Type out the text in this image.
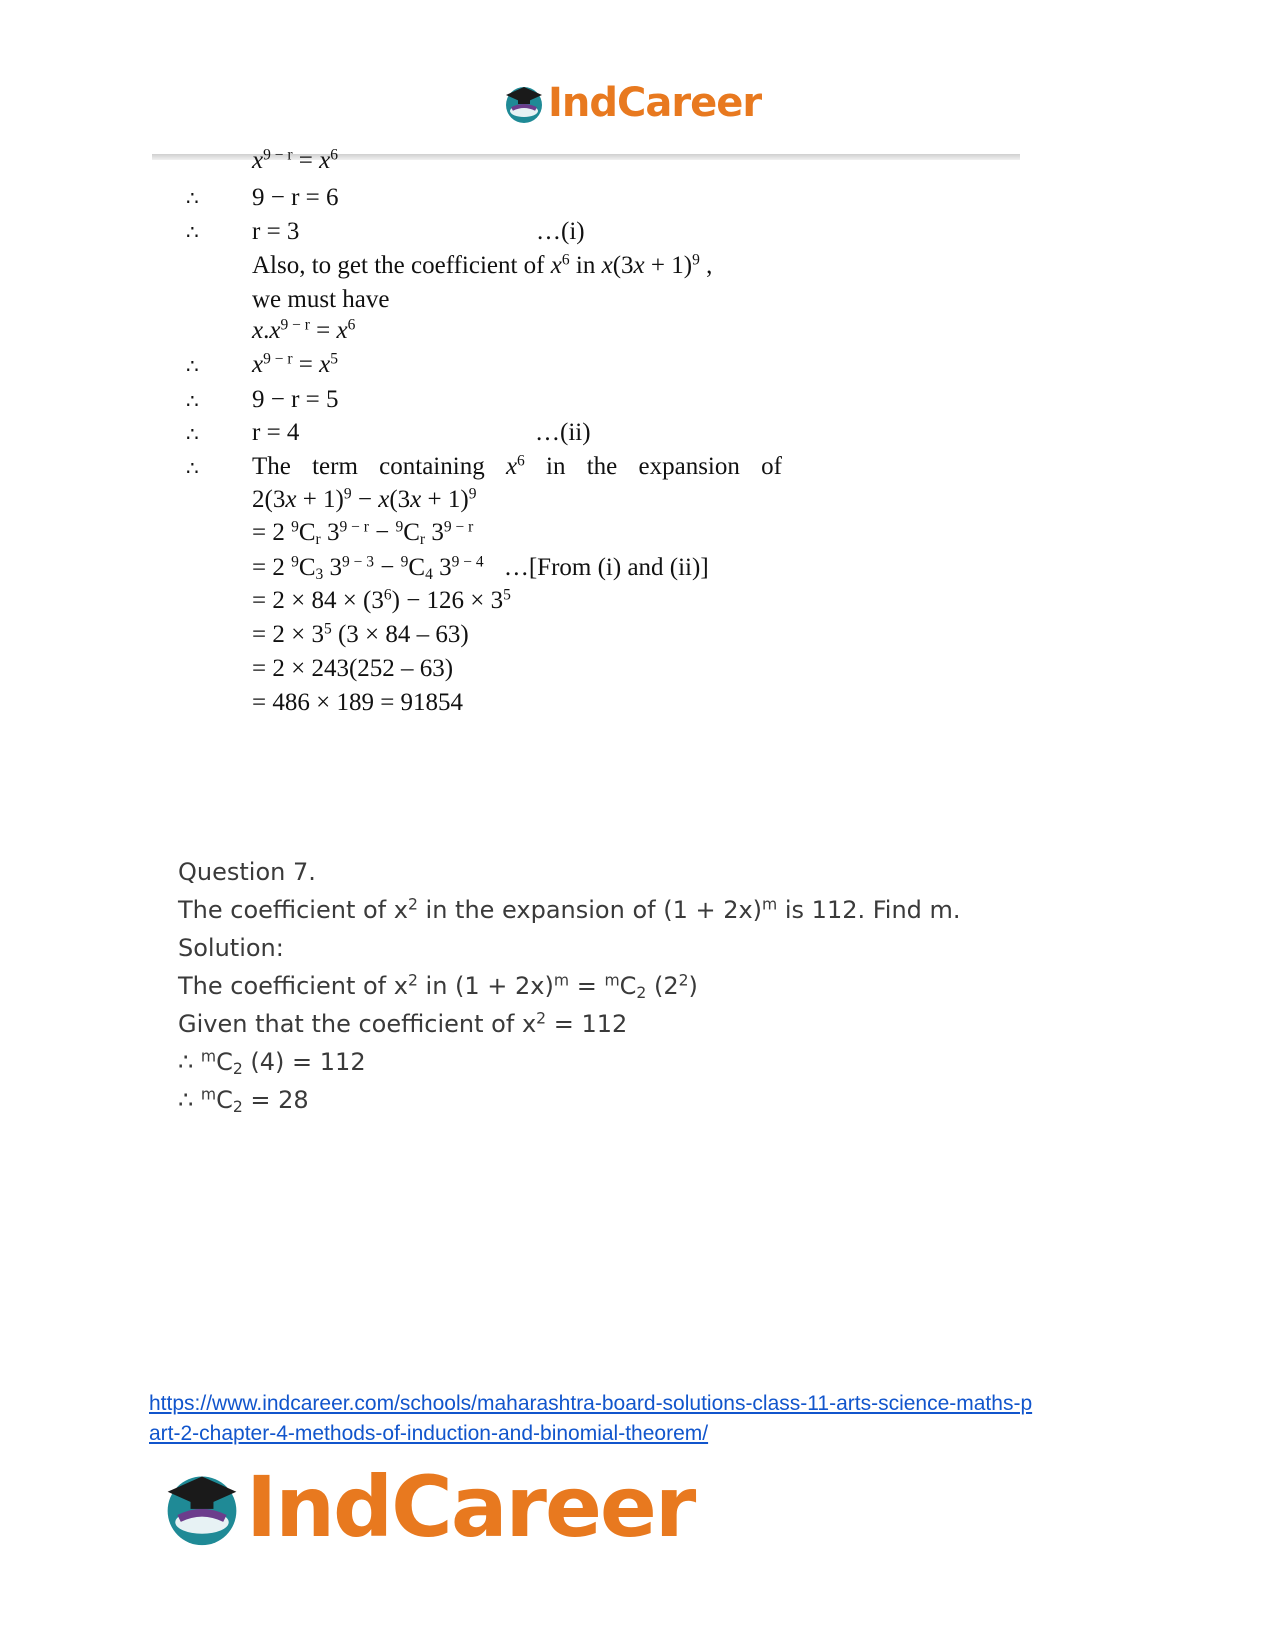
IndCareer
$x^{9 - r} = x^6$
∴ 9 − r = 6
∴ r = 3	…(i)
Also, to get the coefficient of $x^6$ in $x(3x + 1)^9$ ,
we must have
$x.x^{9 - r} = x^6$
∴ $x^{9 - r} = x^5$
∴ 9 − r = 5
∴ r = 4	…(ii)
∴ The term containing $x^6$ in the expansion of
$2(3x + 1)^9 - x(3x + 1)^9$
= 2 $^9C_r$ $3^{9 - r} - ^9C_r$ $3^{9 - r}$
= 2 $^9C_3$ $3^{9 - 3} - ^9C_4$ $3^{9 - 4}$ …[From (i) and (ii)]
= $2 \times 84 \times (3^6) - 126 \times 3^5$
= $2 \times 3^5$ (3 × 84 – 63)
= 2 × 243(252 – 63)
= 486 × 189 = 91854
Question 7.
The coefficient of $x^2$ in the expansion of $(1 + 2x)^m$ is 112. Find m.
Solution:
The coefficient of $x^2$ in $(1 + 2x)^m = ^mC_2$ $(2^2)$
Given that the coefficient of $x^2 = 112$
∴ $^mC_2$ (4) = 112
∴ $^mC_2 = 28$
https://www.indcareer.com/schools/maharashtra-board-solutions-class-11-arts-science-maths-p
art-2-chapter-4-methods-of-induction-and-binomial-theorem/
IndCareer
